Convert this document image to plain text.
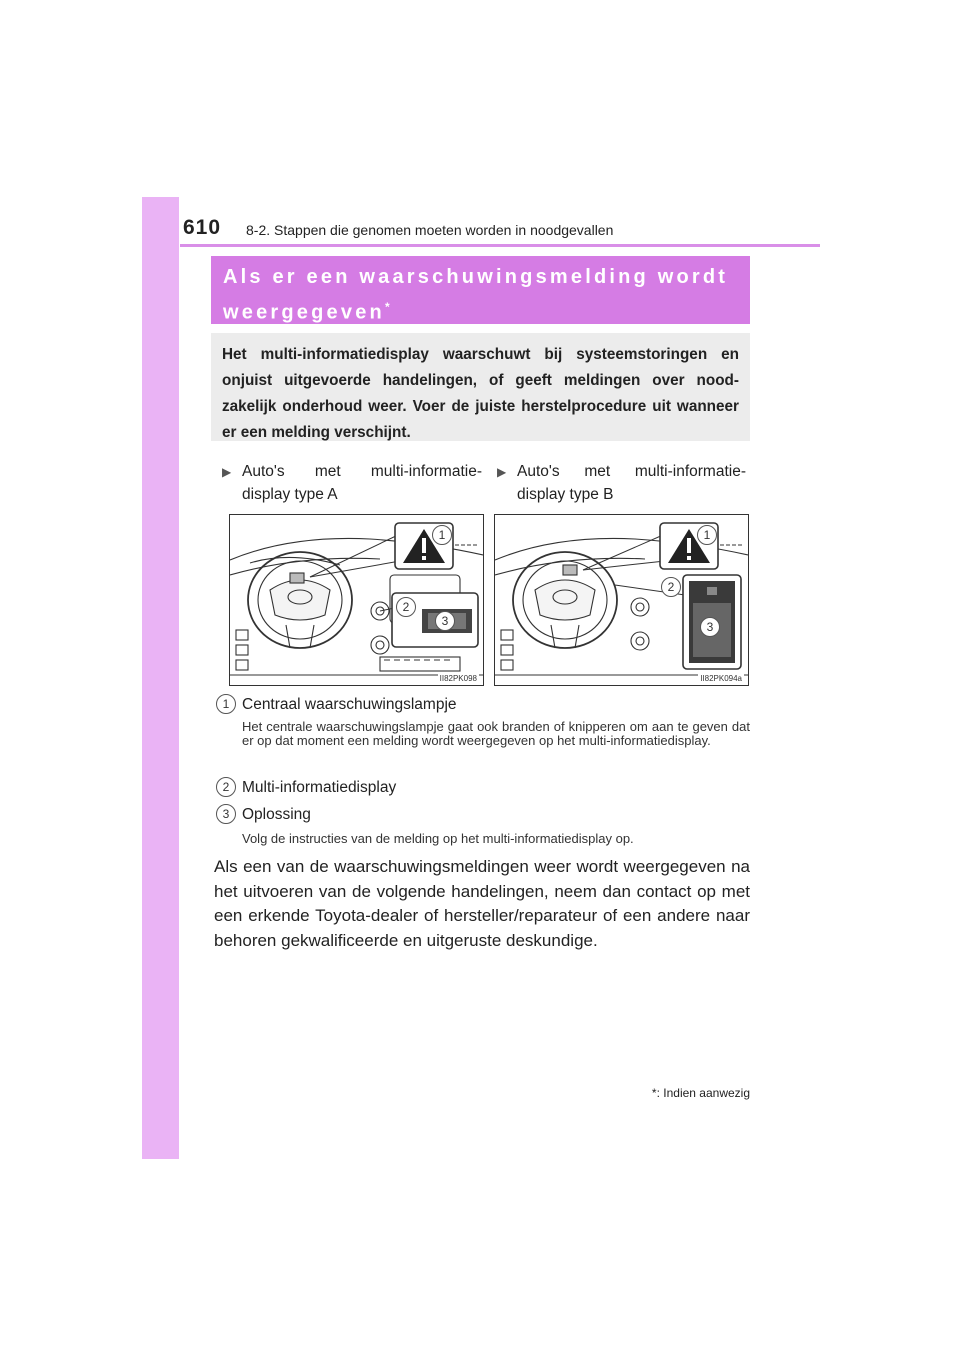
610 8-2. Stappen die genomen moeten worden in noodgevallen
Als er een waarschuwingsmelding wordt
weergegeven*
Het multi-informatiedisplay waarschuwt bij systeemstoringen en onjuist uitgevoerde handelingen, of geeft meldingen over nood-zakelijk onderhoud weer. Voer de juiste herstelprocedure uit wanneer er een melding verschijnt.
▶ Auto's met multi-informatie-
display type A
▶ Auto's met multi-informatie-
display type B
1
2
3
II82PK098
1
2
3
II82PK094a
1 Centraal waarschuwingslampje
Het centrale waarschuwingslampje gaat ook branden of knipperen om aan te geven dat er op dat moment een melding wordt weergegeven op het multi-informatiedisplay.
2 Multi-informatiedisplay
3 Oplossing
Volg de instructies van de melding op het multi-informatiedisplay op.
Als een van de waarschuwingsmeldingen weer wordt weergegeven na het uitvoeren van de volgende handelingen, neem dan contact op met een erkende Toyota-dealer of hersteller/reparateur of een andere naar behoren gekwalificeerde en uitgeruste deskundige.
*: Indien aanwezig
